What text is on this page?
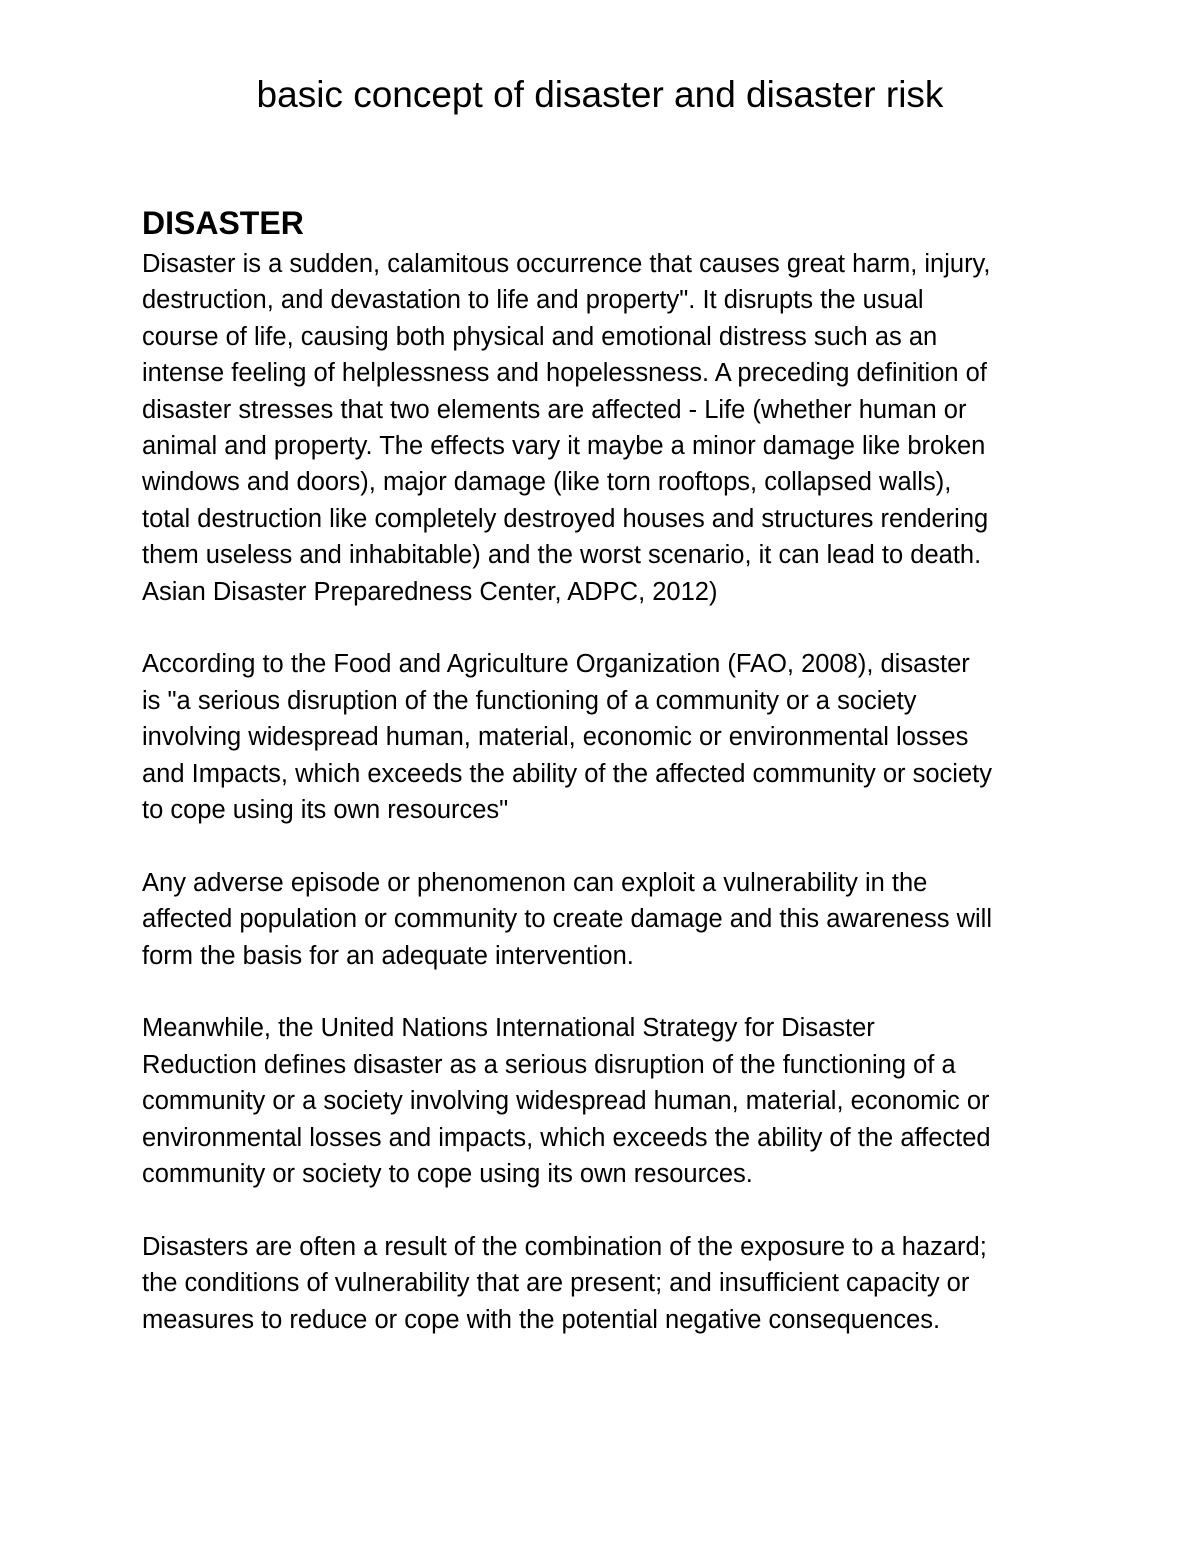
basic concept of disaster and disaster risk
DISASTER

Disaster is a sudden, calamitous occurrence that causes great harm, injury,
destruction, and devastation to life and property". It disrupts the usual
course of life, causing both physical and emotional distress such as an
intense feeling of helplessness and hopelessness. A preceding definition of
disaster stresses that two elements are affected - Life (whether human or
animal and property. The effects vary it maybe a minor damage like broken
windows and doors), major damage (like torn rooftops, collapsed walls),
total destruction like completely destroyed houses and structures rendering
them useless and inhabitable) and the worst scenario, it can lead to death.
Asian Disaster Preparedness Center, ADPC, 2012)

According to the Food and Agriculture Organization (FAO, 2008), disaster
is "a serious disruption of the functioning of a community or a society
involving widespread human, material, economic or environmental losses
and Impacts, which exceeds the ability of the affected community or society
to cope using its own resources"

Any adverse episode or phenomenon can exploit a vulnerability in the
affected population or community to create damage and this awareness will
form the basis for an adequate intervention.

Meanwhile, the United Nations International Strategy for Disaster
Reduction defines disaster as a serious disruption of the functioning of a
community or a society involving widespread human, material, economic or
environmental losses and impacts, which exceeds the ability of the affected
community or society to cope using its own resources.

Disasters are often a result of the combination of the exposure to a hazard;
the conditions of vulnerability that are present; and insufficient capacity or
measures to reduce or cope with the potential negative consequences.
